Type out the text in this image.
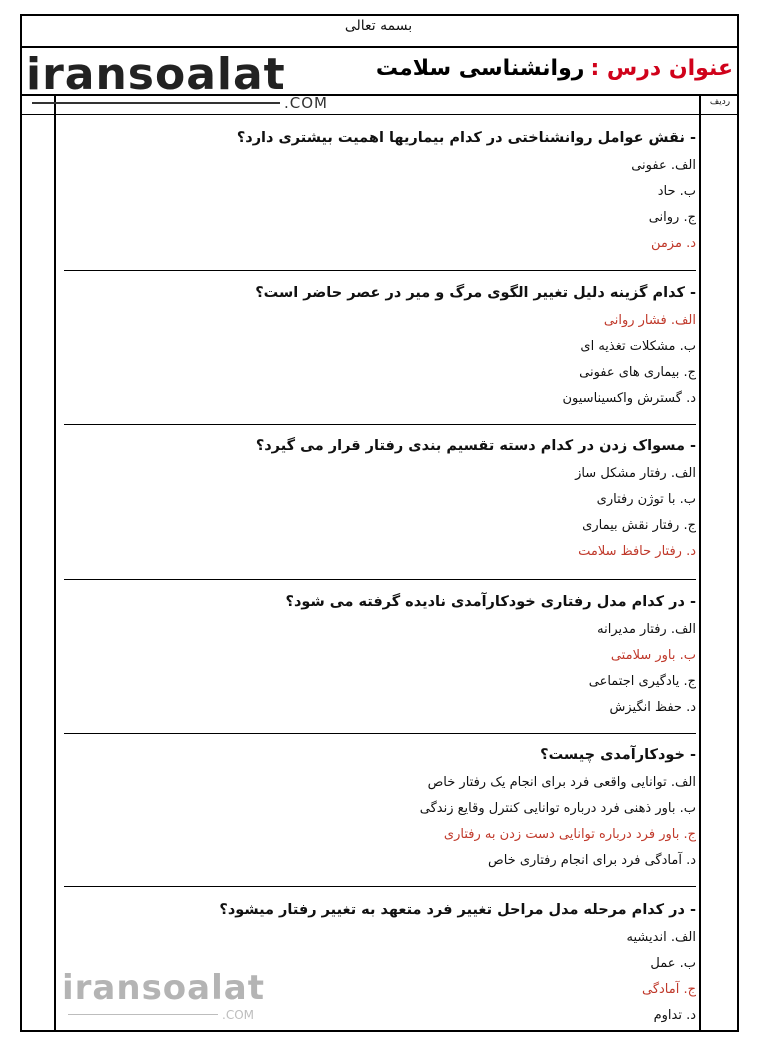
بسمه تعالی
عنوان درس :روانشناسی سلامت
ردیف
iransoalat
.COM
iransoalat
.COM
- نقش عوامل روانشناختی در کدام بیماریها اهمیت بیشتری دارد؟
الف. عفونی
ب. حاد
ج. روانی
د. مزمن
- کدام گزینه دلیل تغییر الگوی مرگ و میر در عصر حاضر است؟
الف. فشار روانی
ب. مشکلات تغذیه ای
ج. بیماری های عفونی
د. گسترش واکسیناسیون
- مسواک زدن در کدام دسته تقسیم بندی رفتار قرار می گیرد؟
الف. رفتار مشکل ساز
ب. با توژن رفتاری
ج. رفتار نقش بیماری
د. رفتار حافظ سلامت
- در کدام مدل رفتاری خودکارآمدی نادیده گرفته می شود؟
الف. رفتار مدیرانه
ب. باور سلامتی
ج. یادگیری اجتماعی
د. حفظ انگیزش
- خودکارآمدی چیست؟
الف. توانایی واقعی فرد برای انجام یک رفتار خاص
ب. باور ذهنی فرد درباره توانایی کنترل وقایع زندگی
ج. باور فرد درباره توانایی دست زدن به رفتاری
د. آمادگی فرد برای انجام رفتاری خاص
- در کدام مرحله مدل مراحل تغییر فرد متعهد به تغییر رفتار میشود؟
الف. اندیشیه
ب. عمل
ج. آمادگی
د. تداوم
